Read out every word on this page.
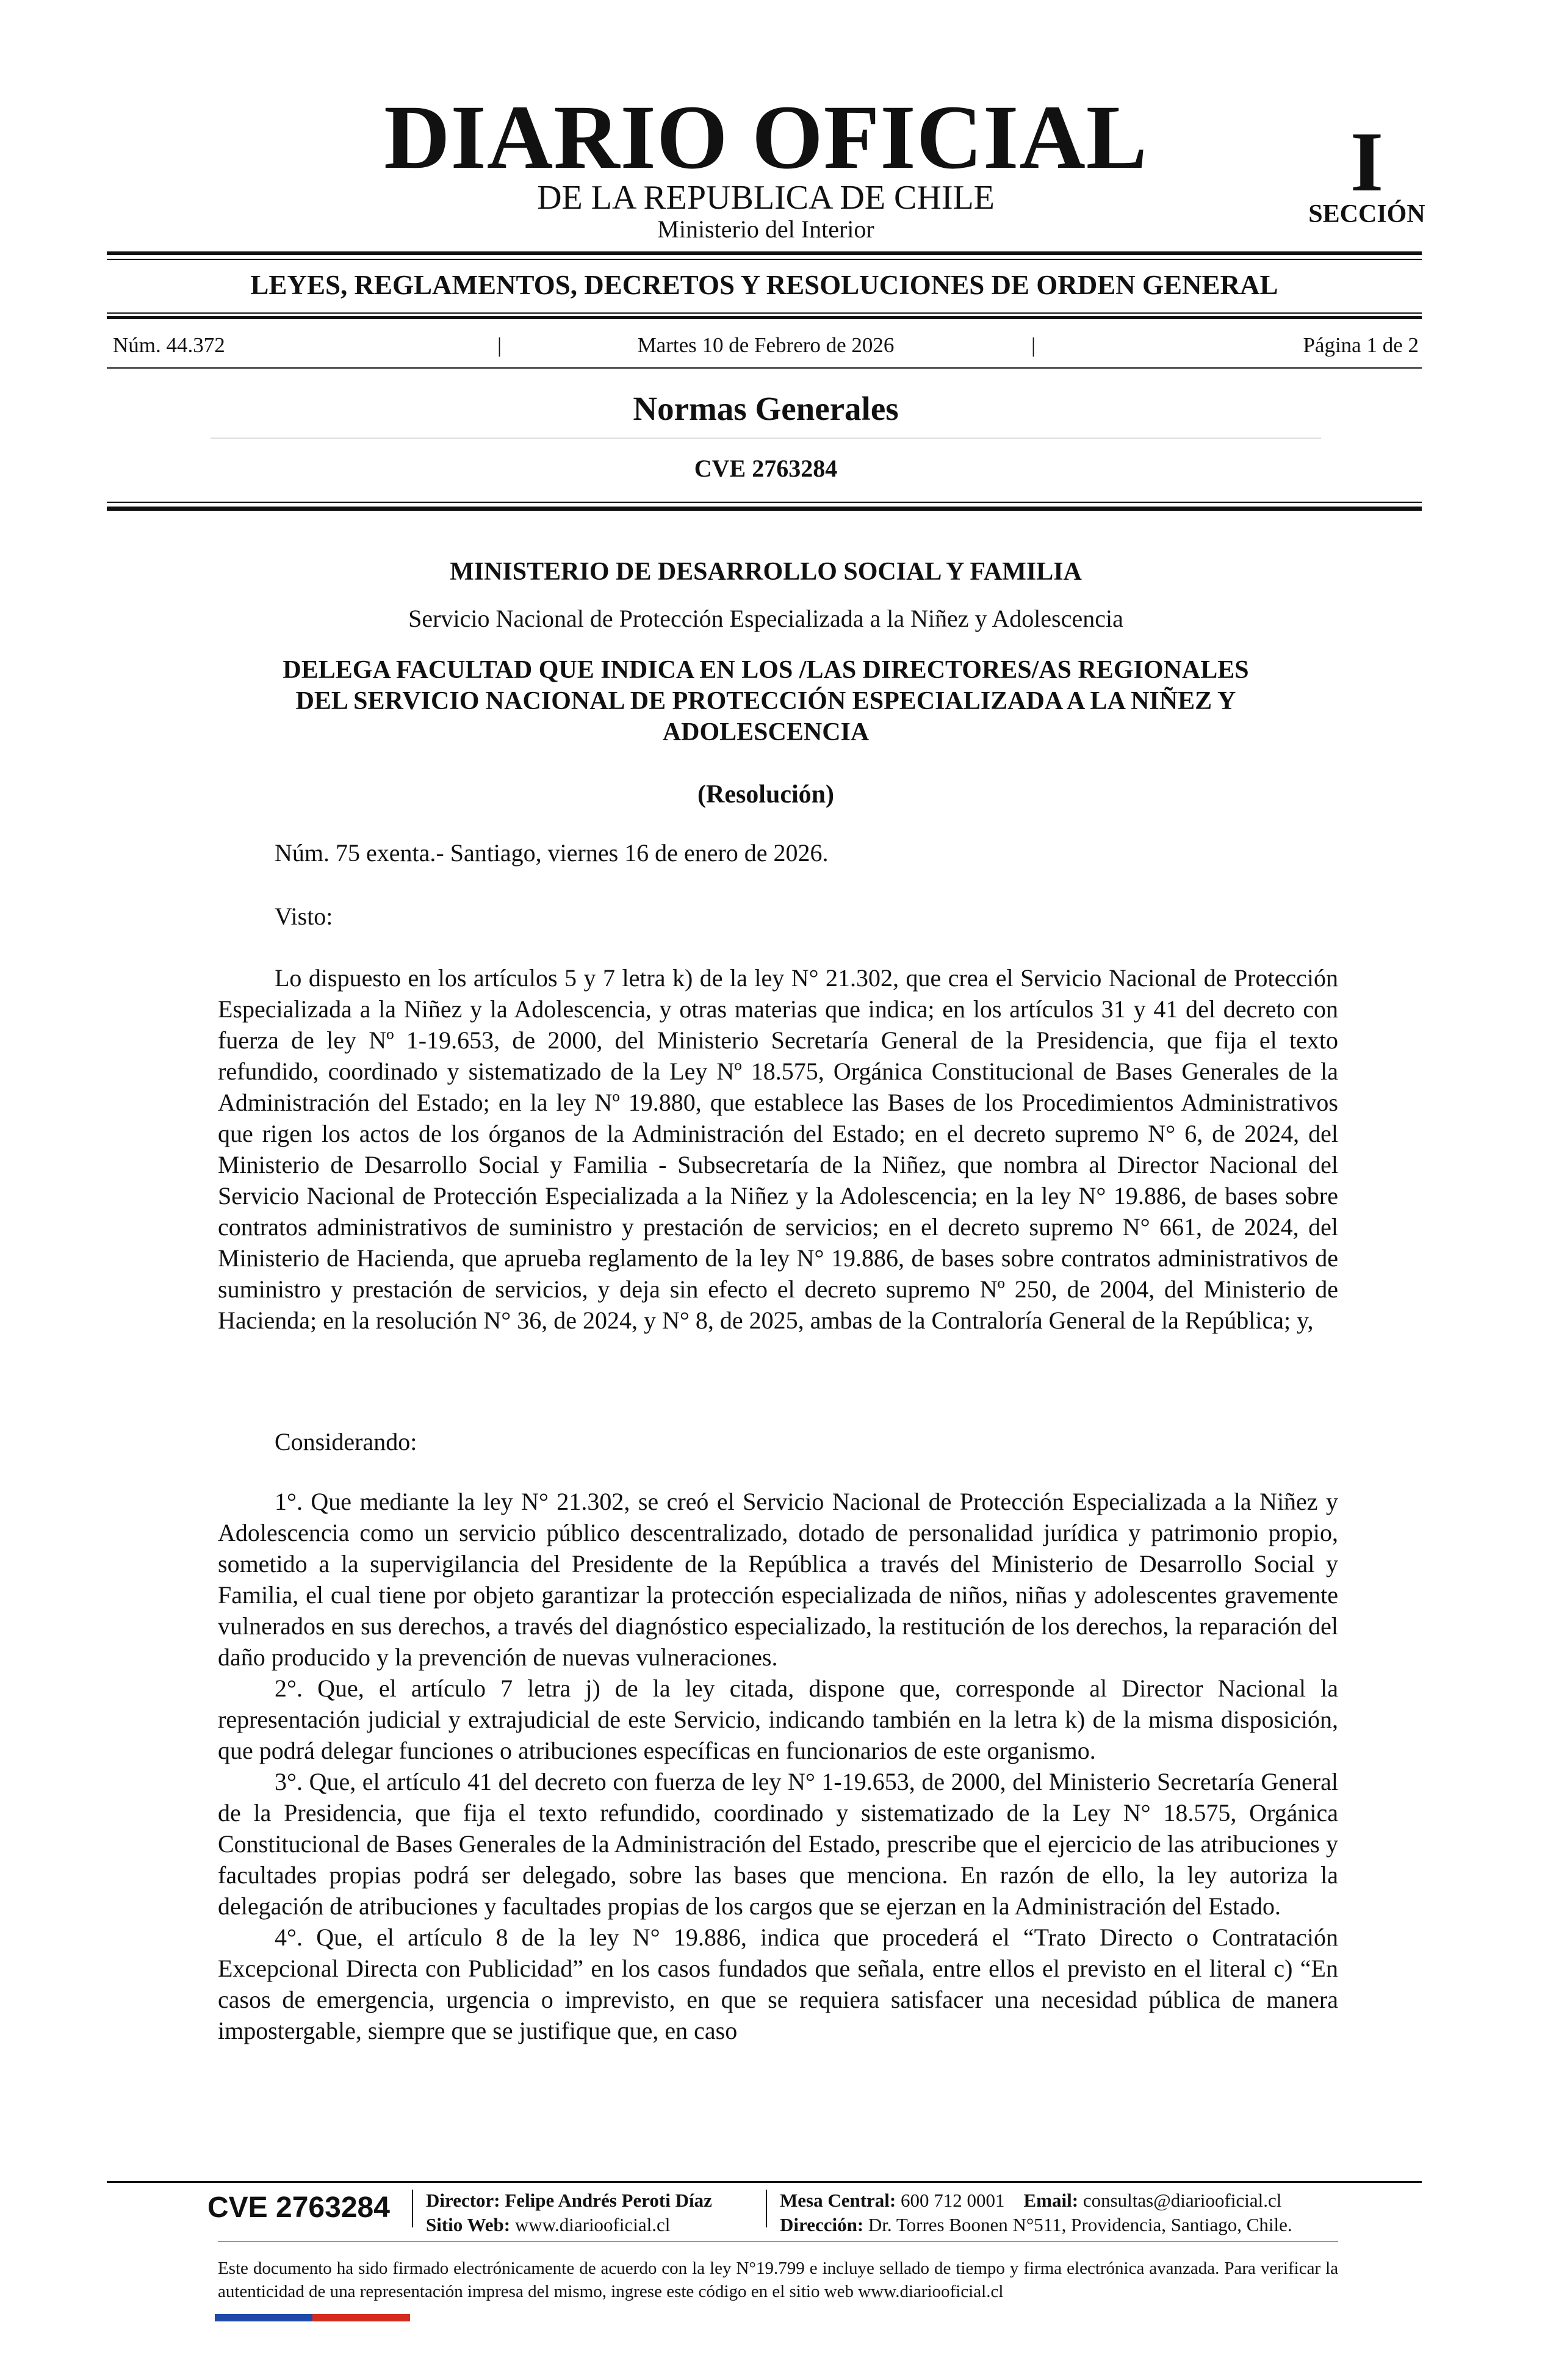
DIARIO OFICIAL
DE LA REPUBLICA DE CHILE
Ministerio del Interior
I
SECCIÓN
LEYES, REGLAMENTOS, DECRETOS Y RESOLUCIONES DE ORDEN GENERAL
Núm. 44.372	|	Martes 10 de Febrero de 2026	|	Página 1 de 2
Normas Generales
CVE 2763284
MINISTERIO DE DESARROLLO SOCIAL Y FAMILIA
Servicio Nacional de Protección Especializada a la Niñez y Adolescencia
DELEGA FACULTAD QUE INDICA EN LOS /LAS DIRECTORES/AS REGIONALES
DEL SERVICIO NACIONAL DE PROTECCIÓN ESPECIALIZADA A LA NIÑEZ Y
ADOLESCENCIA
(Resolución)
Núm. 75 exenta.- Santiago, viernes 16 de enero de 2026.
Visto:

Lo dispuesto en los artículos 5 y 7 letra k) de la ley N° 21.302, que crea el Servicio Nacional de Protección Especializada a la Niñez y la Adolescencia, y otras materias que indica; en los artículos 31 y 41 del decreto con fuerza de ley Nº 1-19.653, de 2000, del Ministerio Secretaría General de la Presidencia, que fija el texto refundido, coordinado y sistematizado de la Ley Nº 18.575, Orgánica Constitucional de Bases Generales de la Administración del Estado; en la ley Nº 19.880, que establece las Bases de los Procedimientos Administrativos que rigen los actos de los órganos de la Administración del Estado; en el decreto supremo N° 6, de 2024, del Ministerio de Desarrollo Social y Familia - Subsecretaría de la Niñez, que nombra al Director Nacional del Servicio Nacional de Protección Especializada a la Niñez y la Adolescencia; en la ley N° 19.886, de bases sobre contratos administrativos de suministro y prestación de servicios; en el decreto supremo N° 661, de 2024, del Ministerio de Hacienda, que aprueba reglamento de la ley N° 19.886, de bases sobre contratos administrativos de suministro y prestación de servicios, y deja sin efecto el decreto supremo Nº 250, de 2004, del Ministerio de Hacienda; en la resolución N° 36, de 2024, y N° 8, de 2025, ambas de la Contraloría General de la República; y,

Considerando:

1°. Que mediante la ley N° 21.302, se creó el Servicio Nacional de Protección Especializada a la Niñez y Adolescencia como un servicio público descentralizado, dotado de personalidad jurídica y patrimonio propio, sometido a la supervigilancia del Presidente de la República a través del Ministerio de Desarrollo Social y Familia, el cual tiene por objeto garantizar la protección especializada de niños, niñas y adolescentes gravemente vulnerados en sus derechos, a través del diagnóstico especializado, la restitución de los derechos, la reparación del daño producido y la prevención de nuevas vulneraciones.

2°. Que, el artículo 7 letra j) de la ley citada, dispone que, corresponde al Director Nacional la representación judicial y extrajudicial de este Servicio, indicando también en la letra k) de la misma disposición, que podrá delegar funciones o atribuciones específicas en funcionarios de este organismo.

3°. Que, el artículo 41 del decreto con fuerza de ley N° 1-19.653, de 2000, del Ministerio Secretaría General de la Presidencia, que fija el texto refundido, coordinado y sistematizado de la Ley N° 18.575, Orgánica Constitucional de Bases Generales de la Administración del Estado, prescribe que el ejercicio de las atribuciones y facultades propias podrá ser delegado, sobre las bases que menciona. En razón de ello, la ley autoriza la delegación de atribuciones y facultades propias de los cargos que se ejerzan en la Administración del Estado.

4°. Que, el artículo 8 de la ley N° 19.886, indica que procederá el “Trato Directo o Contratación Excepcional Directa con Publicidad” en los casos fundados que señala, entre ellos el previsto en el literal c) “En casos de emergencia, urgencia o imprevisto, en que se requiera satisfacer una necesidad pública de manera impostergable, siempre que se justifique que, en caso

CVE 2763284 Director: Felipe Andrés Peroti Díaz
Sitio Web: www.diariooficial.cl
Mesa Central: 600 712 0001 Email: consultas@diariooficial.cl
Dirección: Dr. Torres Boonen N°511, Providencia, Santiago, Chile.
Este documento ha sido firmado electrónicamente de acuerdo con la ley N°19.799 e incluye sellado de tiempo y firma electrónica avanzada. Para verificar la autenticidad de una representación impresa del mismo, ingrese este código en el sitio web www.diariooficial.cl
